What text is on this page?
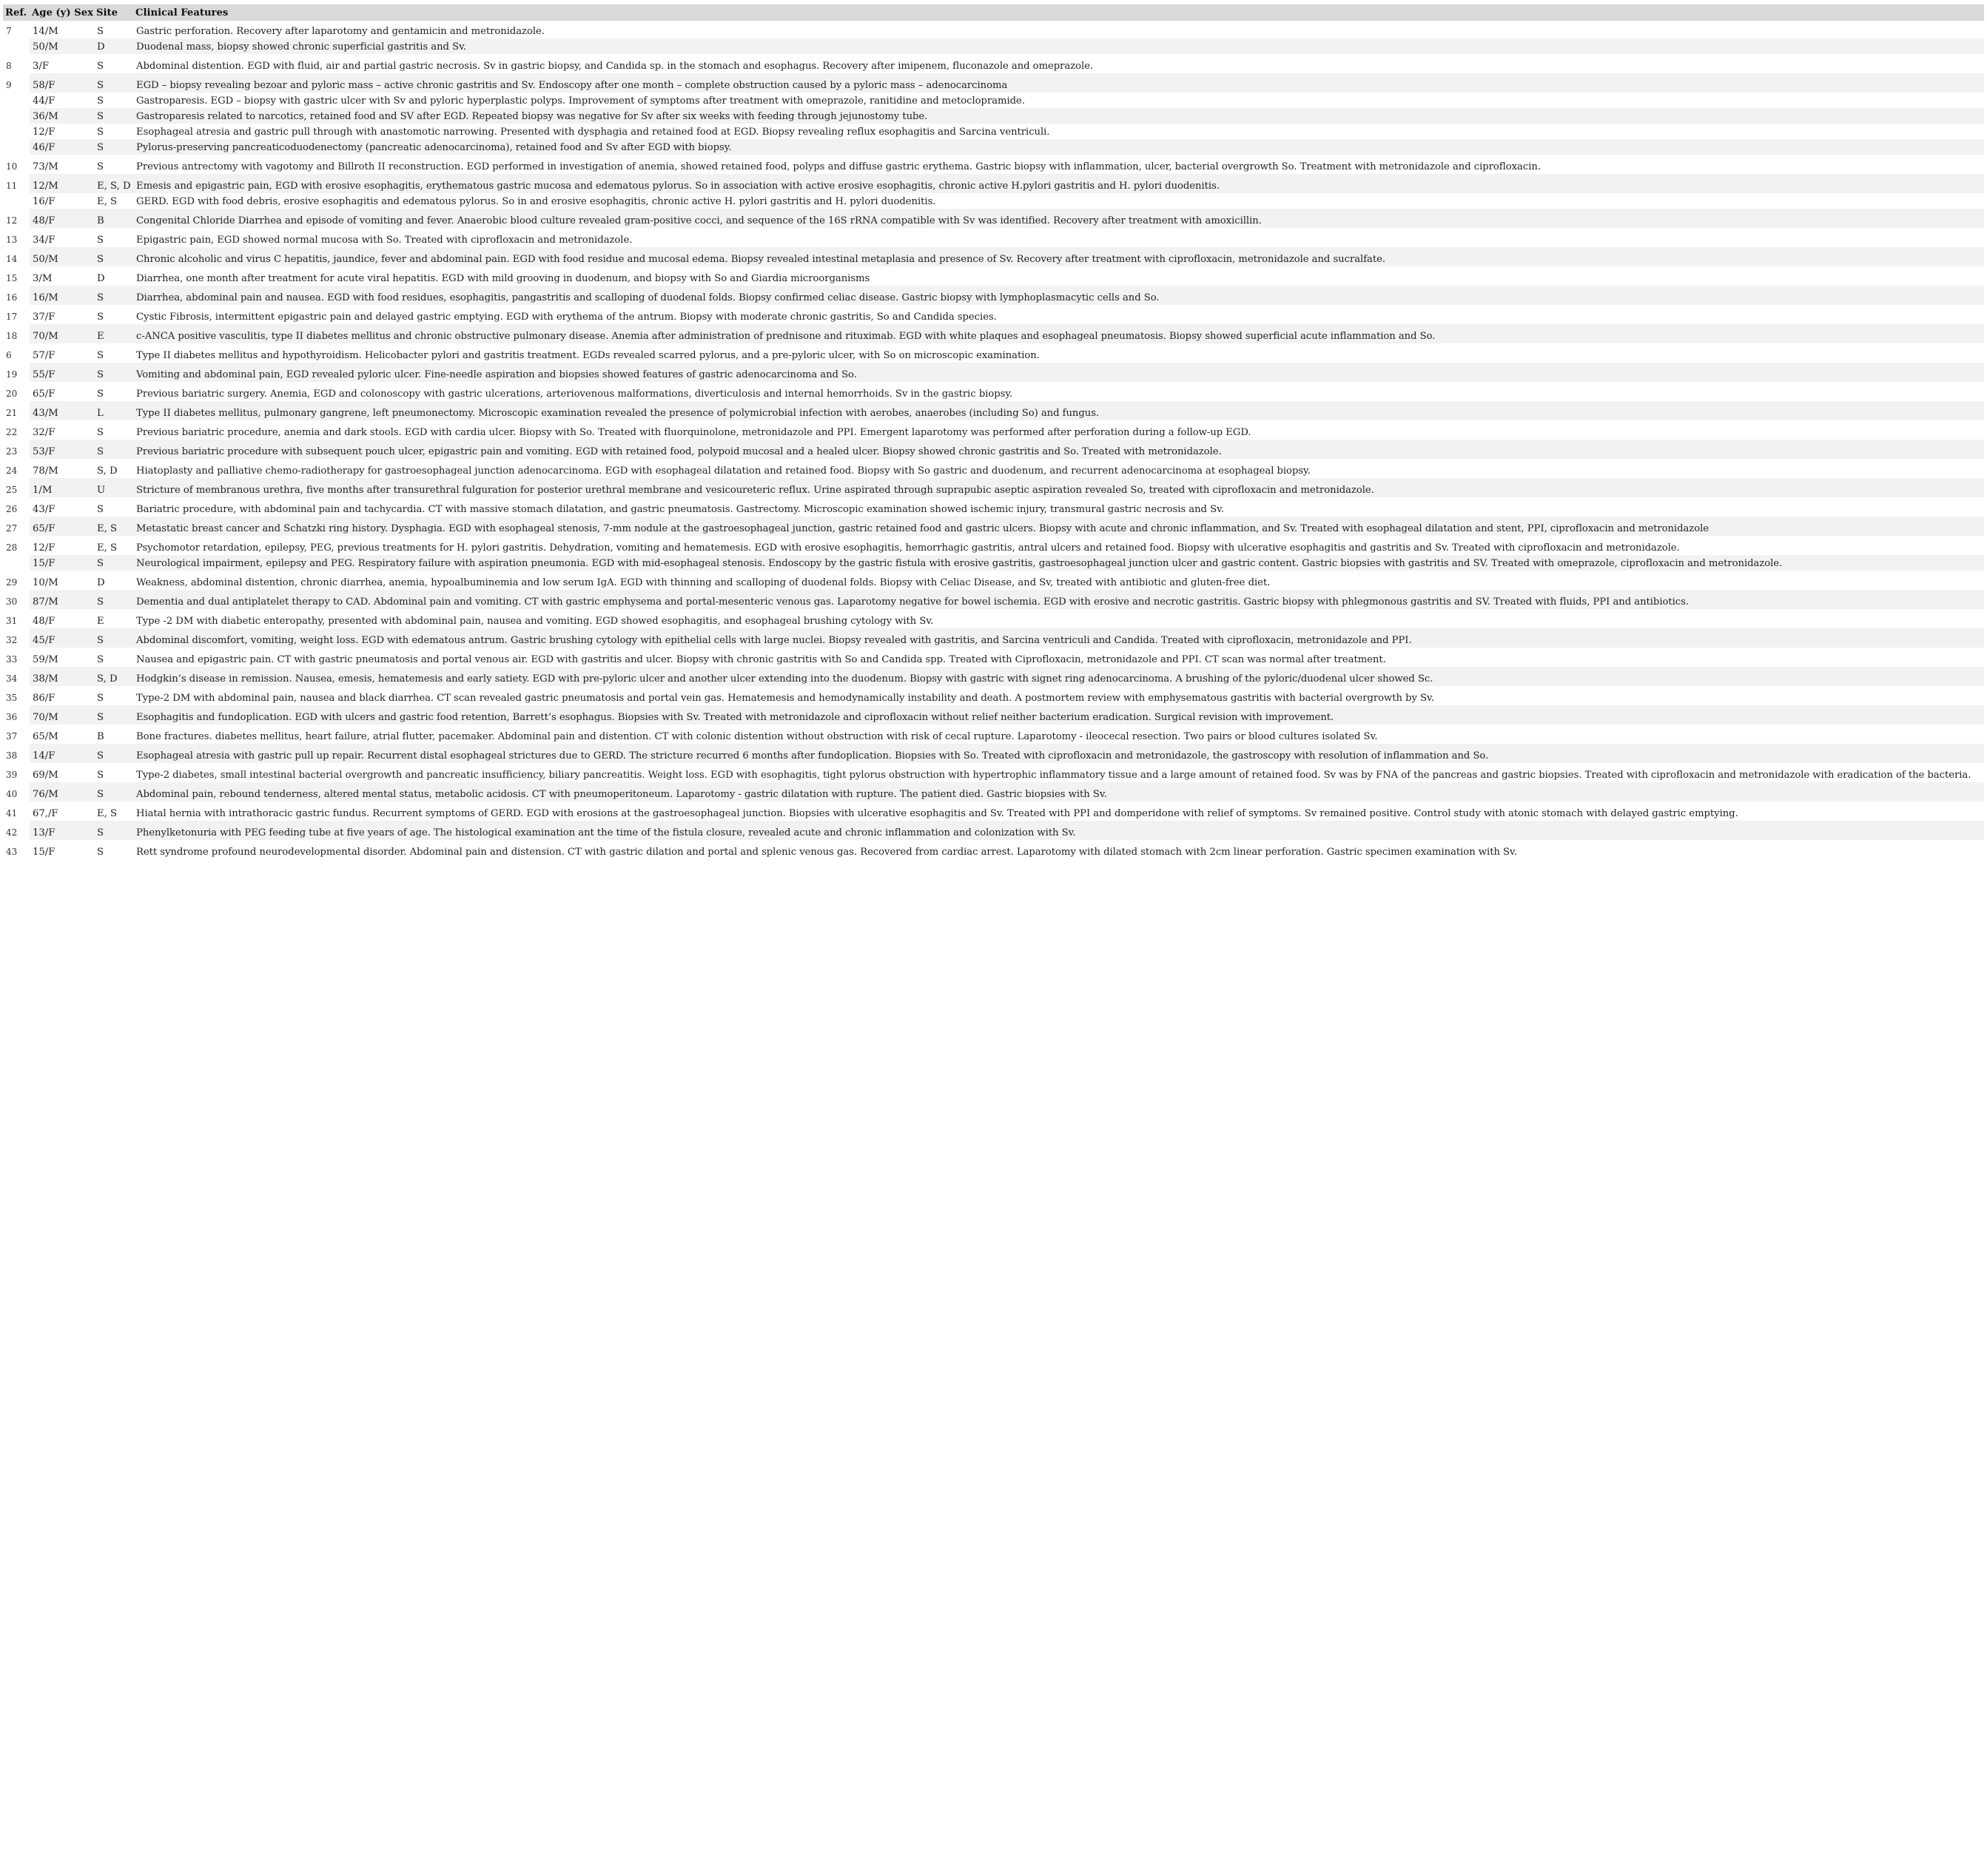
Ref.	Age (y) Sex	Site	Clinical Features
7	14/M	S	Gastric perforation. Recovery after laparotomy and gentamicin and metronidazole.
	50/M	D	Duodenal mass, biopsy showed chronic superficial gastritis and Sv.
8	3/F	S	Abdominal distention. EGD with fluid, air and partial gastric necrosis. Sv in gastric biopsy, and Candida sp. in the stomach and esophagus. Recovery after imipenem, fluconazole and omeprazole.
9	58/F	S	EGD – biopsy revealing bezoar and pyloric mass – active chronic gastritis and Sv. Endoscopy after one month – complete obstruction caused by a pyloric mass – adenocarcinoma
	44/F	S	Gastroparesis. EGD – biopsy with gastric ulcer with Sv and pyloric hyperplastic polyps. Improvement of symptoms after treatment with omeprazole, ranitidine and metoclopramide.
	36/M	S	Gastroparesis related to narcotics, retained food and SV after EGD. Repeated biopsy was negative for Sv after six weeks with feeding through jejunostomy tube.
	12/F	S	Esophageal atresia and gastric pull through with anastomotic narrowing. Presented with dysphagia and retained food at EGD. Biopsy revealing reflux esophagitis and Sarcina ventriculi.
	46/F	S	Pylorus-preserving pancreaticoduodenectomy (pancreatic adenocarcinoma), retained food and Sv after EGD with biopsy.
10	73/M	S	Previous antrectomy with vagotomy and Billroth II reconstruction. EGD performed in investigation of anemia, showed retained food, polyps and diffuse gastric erythema. Gastric biopsy with inflammation, ulcer, bacterial overgrowth So. Treatment with metronidazole and ciprofloxacin.
11	12/M	E, S, D	Emesis and epigastric pain, EGD with erosive esophagitis, erythematous gastric mucosa and edematous pylorus. So in association with active erosive esophagitis, chronic active H.pylori gastritis and H. pylori duodenitis.
	16/F	E, S	GERD. EGD with food debris, erosive esophagitis and edematous pylorus. So in and erosive esophagitis, chronic active H. pylori gastritis and H. pylori duodenitis.
12	48/F	B	Congenital Chloride Diarrhea and episode of vomiting and fever. Anaerobic blood culture revealed gram-positive cocci, and sequence of the 16S rRNA compatible with Sv was identified. Recovery after treatment with amoxicillin.
13	34/F	S	Epigastric pain, EGD showed normal mucosa with So. Treated with ciprofloxacin and metronidazole.
14	50/M	S	Chronic alcoholic and virus C hepatitis, jaundice, fever and abdominal pain. EGD with food residue and mucosal edema. Biopsy revealed intestinal metaplasia and presence of Sv. Recovery after treatment with ciprofloxacin, metronidazole and sucralfate.
15	3/M	D	Diarrhea, one month after treatment for acute viral hepatitis. EGD with mild grooving in duodenum, and biopsy with So and Giardia microorganisms
16	16/M	S	Diarrhea, abdominal pain and nausea. EGD with food residues, esophagitis, pangastritis and scalloping of duodenal folds. Biopsy confirmed celiac disease. Gastric biopsy with lymphoplasmacytic cells and So.
17	37/F	S	Cystic Fibrosis, intermittent epigastric pain and delayed gastric emptying. EGD with erythema of the antrum. Biopsy with moderate chronic gastritis, So and Candida species.
18	70/M	E	c-ANCA positive vasculitis, type II diabetes mellitus and chronic obstructive pulmonary disease. Anemia after administration of prednisone and rituximab. EGD with white plaques and esophageal pneumatosis. Biopsy showed superficial acute inflammation and So.
6	57/F	S	Type II diabetes mellitus and hypothyroidism. Helicobacter pylori and gastritis treatment. EGDs revealed scarred pylorus, and a pre-pyloric ulcer, with So on microscopic examination.
19	55/F	S	Vomiting and abdominal pain, EGD revealed pyloric ulcer. Fine-needle aspiration and biopsies showed features of gastric adenocarcinoma and So.
20	65/F	S	Previous bariatric surgery. Anemia, EGD and colonoscopy with gastric ulcerations, arteriovenous malformations, diverticulosis and internal hemorrhoids. Sv in the gastric biopsy.
21	43/M	L	Type II diabetes mellitus, pulmonary gangrene, left pneumonectomy. Microscopic examination revealed the presence of polymicrobial infection with aerobes, anaerobes (including So) and fungus.
22	32/F	S	Previous bariatric procedure, anemia and dark stools. EGD with cardia ulcer. Biopsy with So. Treated with fluorquinolone, metronidazole and PPI. Emergent laparotomy was performed after perforation during a follow-up EGD.
23	53/F	S	Previous bariatric procedure with subsequent pouch ulcer, epigastric pain and vomiting. EGD with retained food, polypoid mucosal and a healed ulcer. Biopsy showed chronic gastritis and So. Treated with metronidazole.
24	78/M	S, D	Hiatoplasty and palliative chemo-radiotherapy for gastroesophageal junction adenocarcinoma. EGD with esophageal dilatation and retained food. Biopsy with So gastric and duodenum, and recurrent adenocarcinoma at esophageal biopsy.
25	1/M	U	Stricture of membranous urethra, five months after transurethral fulguration for posterior urethral membrane and vesicoureteric reflux. Urine aspirated through suprapubic aseptic aspiration revealed So, treated with ciprofloxacin and metronidazole.
26	43/F	S	Bariatric procedure, with abdominal pain and tachycardia. CT with massive stomach dilatation, and gastric pneumatosis. Gastrectomy. Microscopic examination showed ischemic injury, transmural gastric necrosis and Sv.
27	65/F	E, S	Metastatic breast cancer and Schatzki ring history. Dysphagia. EGD with esophageal stenosis, 7-mm nodule at the gastroesophageal junction, gastric retained food and gastric ulcers. Biopsy with acute and chronic inflammation, and Sv. Treated with esophageal dilatation and stent, PPI, ciprofloxacin and metronidazole
28	12/F	E, S	Psychomotor retardation, epilepsy, PEG, previous treatments for H. pylori gastritis. Dehydration, vomiting and hematemesis. EGD with erosive esophagitis, hemorrhagic gastritis, antral ulcers and retained food. Biopsy with ulcerative esophagitis and gastritis and Sv. Treated with ciprofloxacin and metronidazole.
	15/F	S	Neurological impairment, epilepsy and PEG. Respiratory failure with aspiration pneumonia. EGD with mid-esophageal stenosis. Endoscopy by the gastric fistula with erosive gastritis, gastroesophageal junction ulcer and gastric content. Gastric biopsies with gastritis and SV. Treated with omeprazole, ciprofloxacin and metronidazole.
29	10/M	D	Weakness, abdominal distention, chronic diarrhea, anemia, hypoalbuminemia and low serum IgA. EGD with thinning and scalloping of duodenal folds. Biopsy with Celiac Disease, and Sv, treated with antibiotic and gluten-free diet.
30	87/M	S	Dementia and dual antiplatelet therapy to CAD. Abdominal pain and vomiting. CT with gastric emphysema and portal-mesenteric venous gas. Laparotomy negative for bowel ischemia. EGD with erosive and necrotic gastritis. Gastric biopsy with phlegmonous gastritis and SV. Treated with fluids, PPI and antibiotics.
31	48/F	E	Type -2 DM with diabetic enteropathy, presented with abdominal pain, nausea and vomiting. EGD showed esophagitis, and esophageal brushing cytology with Sv.
32	45/F	S	Abdominal discomfort, vomiting, weight loss. EGD with edematous antrum. Gastric brushing cytology with epithelial cells with large nuclei. Biopsy revealed with gastritis, and Sarcina ventriculi and Candida. Treated with ciprofloxacin, metronidazole and PPI.
33	59/M	S	Nausea and epigastric pain. CT with gastric pneumatosis and portal venous air. EGD with gastritis and ulcer. Biopsy with chronic gastritis with So and Candida spp. Treated with Ciprofloxacin, metronidazole and PPI. CT scan was normal after treatment.
34	38/M	S, D	Hodgkin’s disease in remission. Nausea, emesis, hematemesis and early satiety. EGD with pre-pyloric ulcer and another ulcer extending into the duodenum. Biopsy with gastric with signet ring adenocarcinoma. A brushing of the pyloric/duodenal ulcer showed Sc.
35	86/F	S	Type-2 DM with abdominal pain, nausea and black diarrhea. CT scan revealed gastric pneumatosis and portal vein gas. Hematemesis and hemodynamically instability and death. A postmortem review with emphysematous gastritis with bacterial overgrowth by Sv.
36	70/M	S	Esophagitis and fundoplication. EGD with ulcers and gastric food retention, Barrett’s esophagus. Biopsies with Sv. Treated with metronidazole and ciprofloxacin without relief neither bacterium eradication. Surgical revision with improvement.
37	65/M	B	Bone fractures. diabetes mellitus, heart failure, atrial flutter, pacemaker. Abdominal pain and distention. CT with colonic distention without obstruction with risk of cecal rupture. Laparotomy - ileocecal resection. Two pairs or blood cultures isolated Sv.
38	14/F	S	Esophageal atresia with gastric pull up repair. Recurrent distal esophageal strictures due to GERD. The stricture recurred 6 months after fundoplication. Biopsies with So. Treated with ciprofloxacin and metronidazole, the gastroscopy with resolution of inflammation and So.
39	69/M	S	Type-2 diabetes, small intestinal bacterial overgrowth and pancreatic insufficiency, biliary pancreatitis. Weight loss. EGD with esophagitis, tight pylorus obstruction with hypertrophic inflammatory tissue and a large amount of retained food. Sv was by FNA of the pancreas and gastric biopsies. Treated with ciprofloxacin and metronidazole with eradication of the bacteria.
40	76/M	S	Abdominal pain, rebound tenderness, altered mental status, metabolic acidosis. CT with pneumoperitoneum. Laparotomy - gastric dilatation with rupture. The patient died. Gastric biopsies with Sv.
41	67,/F	E, S	Hiatal hernia with intrathoracic gastric fundus. Recurrent symptoms of GERD. EGD with erosions at the gastroesophageal junction. Biopsies with ulcerative esophagitis and Sv. Treated with PPI and domperidone with relief of symptoms. Sv remained positive. Control study with atonic stomach with delayed gastric emptying.
42	13/F	S	Phenylketonuria with PEG feeding tube at five years of age. The histological examination ant the time of the fistula closure, revealed acute and chronic inflammation and colonization with Sv.
43	15/F	S	Rett syndrome profound neurodevelopmental disorder. Abdominal pain and distension. CT with gastric dilation and portal and splenic venous gas. Recovered from cardiac arrest. Laparotomy with dilated stomach with 2cm linear perforation. Gastric specimen examination with Sv.
